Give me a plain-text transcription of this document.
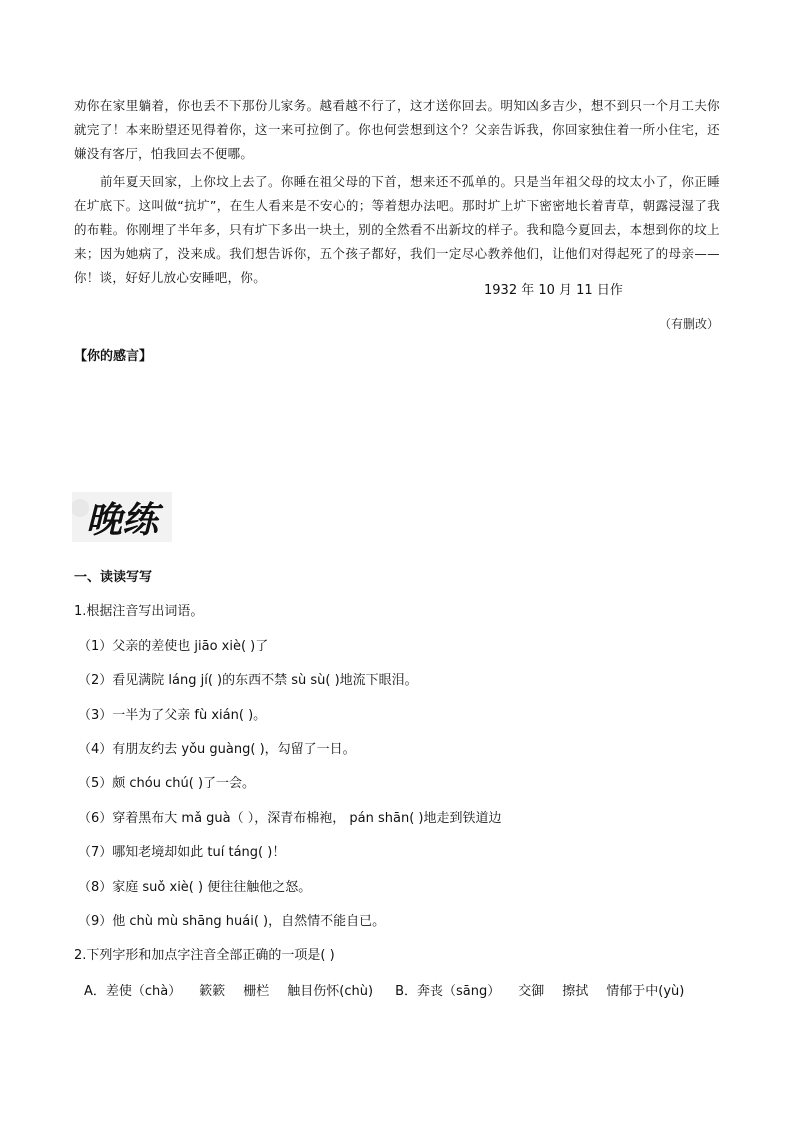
劝你在家里躺着，你也丢不下那份儿家务。越看越不行了，这才送你回去。明知凶多吉少，想不到只一个月工夫你就完了！本来盼望还见得着你，这一来可拉倒了。你也何尝想到这个？父亲告诉我，你回家独住着一所小住宅，还嫌没有客厅，怕我回去不便哪。
前年夏天回家，上你坟上去了。你睡在祖父母的下首，想来还不孤单的。只是当年祖父母的坟太小了，你正睡在圹底下。这叫做“抗圹”，在生人看来是不安心的；等着想办法吧。那时圹上圹下密密地长着青草，朝露浸湿了我的布鞋。你刚埋了半年多，只有圹下多出一块土，别的全然看不出新坟的样子。我和隐今夏回去，本想到你的坟上来；因为她病了，没来成。我们想告诉你，五个孩子都好，我们一定尽心教养他们，让他们对得起死了的母亲——你！谈，好好儿放心安睡吧，你。
1932 年 10 月 11 日作
（有删改）
【你的感言】
晚练
一、读读写写
1.根据注音写出词语。
（1）父亲的差使也 jiāo xiè( )了
（2）看见满院 láng jí( )的东西不禁 sù sù( )地流下眼泪。
（3）一半为了父亲 fù xián( )。
（4）有朋友约去 yǒu guàng( )，勾留了一日。
（5）颇 chóu chú( )了一会。
（6）穿着黑布大 mǎ guà（ ），深青布棉袍， pán shān( )地走到铁道边
（7）哪知老境却如此 tuí táng( )！
（8）家庭 suǒ xiè( ) 便往往触他之怒。
（9）他 chù mù shāng huái( )，自然情不能自已。
2.下列字形和加点字注音全部正确的一项是( )
A．差使（chà） 簌簌 栅栏 触目伤怀(chù) B．奔丧（sāng） 交御 擦拭 情郁于中(yù)
